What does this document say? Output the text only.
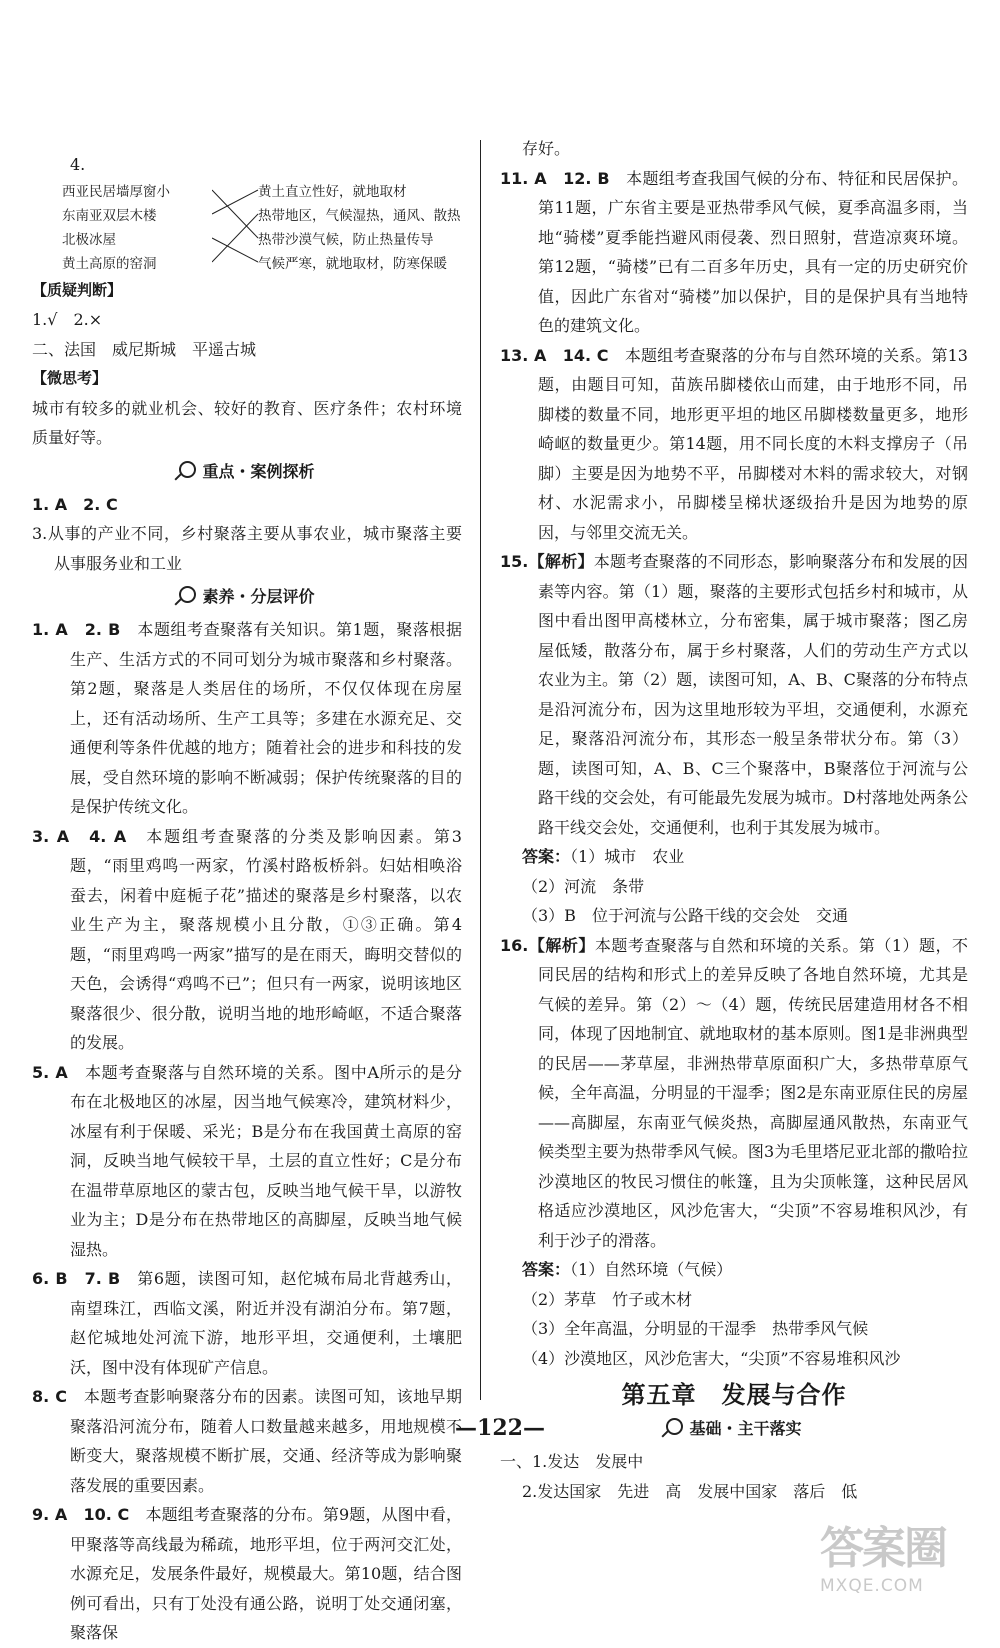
4.
西亚民居墙厚窗小
东南亚双层木楼
北极冰屋
黄土高原的窑洞
黄土直立性好，就地取材
热带地区，气候湿热，通风、散热
热带沙漠气候，防止热量传导
气候严寒，就地取材，防寒保暖

【质疑判断】

1.√　2.×

二、法国　威尼斯城　平遥古城

【微思考】

城市有较多的就业机会、较好的教育、医疗条件；农村环境质量好等。

重点・案例探析

1. A　2. C

3.从事的产业不同，乡村聚落主要从事农业，城市聚落主要从事服务业和工业

素养・分层评价

1. A　2. B　本题组考查聚落有关知识。第1题，聚落根据生产、生活方式的不同可划分为城市聚落和乡村聚落。第2题，聚落是人类居住的场所，不仅仅体现在房屋上，还有活动场所、生产工具等；多建在水源充足、交通便利等条件优越的地方；随着社会的进步和科技的发展，受自然环境的影响不断减弱；保护传统聚落的目的是保护传统文化。

3. A　4. A　本题组考查聚落的分类及影响因素。第3题，“雨里鸡鸣一两家，竹溪村路板桥斜。妇姑相唤浴蚕去，闲着中庭栀子花”描述的聚落是乡村聚落，以农业生产为主，聚落规模小且分散，①③正确。第4题，“雨里鸡鸣一两家”描写的是在雨天，晦明交替似的天色，会诱得“鸡鸣不已”；但只有一两家，说明该地区聚落很少、很分散，说明当地的地形崎岖，不适合聚落的发展。

5. A　本题考查聚落与自然环境的关系。图中A所示的是分布在北极地区的冰屋，因当地气候寒冷，建筑材料少，冰屋有利于保暖、采光；B是分布在我国黄土高原的窑洞，反映当地气候较干旱，土层的直立性好；C是分布在温带草原地区的蒙古包，反映当地气候干旱，以游牧业为主；D是分布在热带地区的高脚屋，反映当地气候湿热。

6. B　7. B　第6题，读图可知，赵佗城布局北背越秀山，南望珠江，西临文溪，附近并没有湖泊分布。第7题，赵佗城地处河流下游，地形平坦，交通便利，土壤肥沃，图中没有体现矿产信息。

8. C　本题考查影响聚落分布的因素。读图可知，该地早期聚落沿河流分布，随着人口数量越来越多，用地规模不断变大，聚落规模不断扩展，交通、经济等成为影响聚落发展的重要因素。

9. A　10. C　本题组考查聚落的分布。第9题，从图中看，甲聚落等高线最为稀疏，地形平坦，位于两河交汇处，水源充足，发展条件最好，规模最大。第10题，结合图例可看出，只有丁处没有通公路，说明丁处交通闭塞，聚落保

存好。

11. A　12. B　本题组考查我国气候的分布、特征和民居保护。第11题，广东省主要是亚热带季风气候，夏季高温多雨，当地“骑楼”夏季能挡避风雨侵袭、烈日照射，营造凉爽环境。第12题，“骑楼”已有二百多年历史，具有一定的历史研究价值，因此广东省对“骑楼”加以保护，目的是保护具有当地特色的建筑文化。

13. A　14. C　本题组考查聚落的分布与自然环境的关系。第13题，由题目可知，苗族吊脚楼依山而建，由于地形不同，吊脚楼的数量不同，地形更平坦的地区吊脚楼数量更多，地形崎岖的数量更少。第14题，用不同长度的木料支撑房子（吊脚）主要是因为地势不平，吊脚楼对木料的需求较大，对钢材、水泥需求小，吊脚楼呈梯状逐级抬升是因为地势的原因，与邻里交流无关。

15.【解析】本题考查聚落的不同形态，影响聚落分布和发展的因素等内容。第（1）题，聚落的主要形式包括乡村和城市，从图中看出图甲高楼林立，分布密集，属于城市聚落；图乙房屋低矮，散落分布，属于乡村聚落，人们的劳动生产方式以农业为主。第（2）题，读图可知，A、B、C聚落的分布特点是沿河流分布，因为这里地形较为平坦，交通便利，水源充足，聚落沿河流分布，其形态一般呈条带状分布。第（3）题，读图可知，A、B、C三个聚落中，B聚落位于河流与公路干线的交会处，有可能最先发展为城市。D村落地处两条公路干线交会处，交通便利，也利于其发展为城市。

答案：（1）城市　农业

（2）河流　条带

（3）B　位于河流与公路干线的交会处　交通

16.【解析】本题考查聚落与自然和环境的关系。第（1）题，不同民居的结构和形式上的差异反映了各地自然环境，尤其是气候的差异。第（2）～（4）题，传统民居建造用材各不相同，体现了因地制宜、就地取材的基本原则。图1是非洲典型的民居——茅草屋，非洲热带草原面积广大，多热带草原气候，全年高温，分明显的干湿季；图2是东南亚原住民的房屋——高脚屋，东南亚气候炎热，高脚屋通风散热，东南亚气候类型主要为热带季风气候。图3为毛里塔尼亚北部的撒哈拉沙漠地区的牧民习惯住的帐篷，且为尖顶帐篷，这种民居风格适应沙漠地区，风沙危害大，“尖顶”不容易堆积风沙，有利于沙子的滑落。

答案：（1）自然环境（气候）

（2）茅草　竹子或木材

（3）全年高温，分明显的干湿季　热带季风气候

（4）沙漠地区，风沙危害大，“尖顶”不容易堆积风沙

第五章　发展与合作
基础・主干落实

一、1.发达　发展中

2.发达国家　先进　高　发展中国家　落后　低

—122—
答案圈
MXQE.COM
